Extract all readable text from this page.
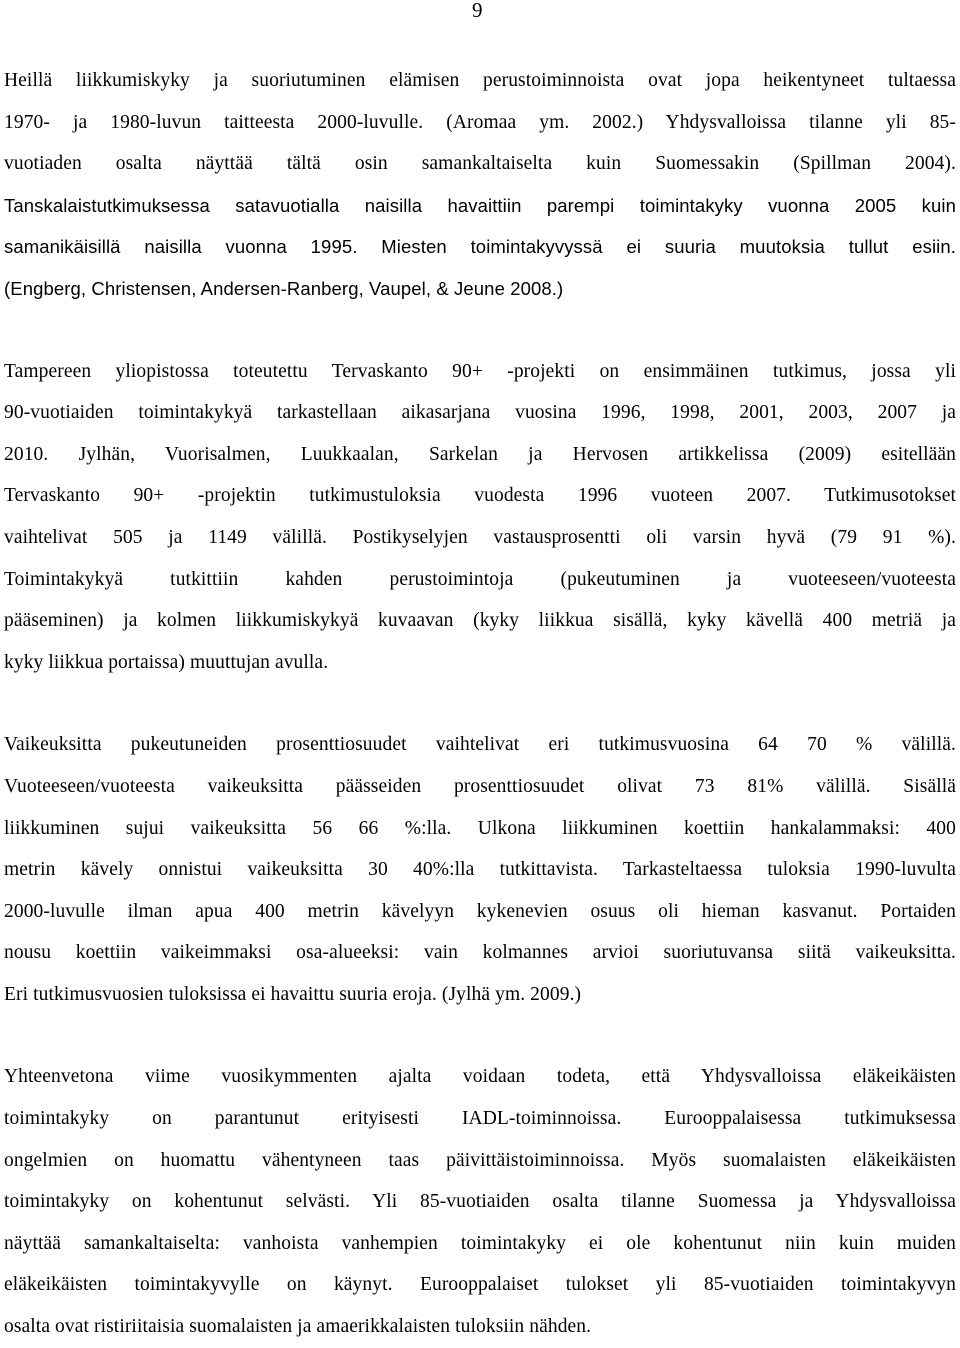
9

Heillä liikkumiskyky ja suoriutuminen elämisen perustoiminnoista ovat jopa heikentyneet tultaessa
1970- ja 1980-luvun taitteesta 2000-luvulle. (Aromaa ym. 2002.) Yhdysvalloissa tilanne yli 85-
vuotiaden osalta näyttää tältä osin samankaltaiselta kuin Suomessakin (Spillman 2004).
Tanskalaistutkimuksessa satavuotialla naisilla havaittiin parempi toimintakyky vuonna 2005 kuin
samanikäisillä naisilla vuonna 1995. Miesten toimintakyvyssä ei suuria muutoksia tullut esiin.
(Engberg, Christensen, Andersen-Ranberg, Vaupel, & Jeune 2008.)

Tampereen yliopistossa toteutettu Tervaskanto 90+ -projekti on ensimmäinen tutkimus, jossa yli
90-vuotiaiden toimintakykyä tarkastellaan aikasarjana vuosina 1996, 1998, 2001, 2003, 2007 ja
2010. Jylhän, Vuorisalmen, Luukkaalan, Sarkelan ja Hervosen artikkelissa (2009) esitellään
Tervaskanto 90+ -projektin tutkimustuloksia vuodesta 1996 vuoteen 2007. Tutkimusotokset
vaihtelivat 505 ja 1149 välillä. Postikyselyjen vastausprosentti oli varsin hyvä (79 91 %).
Toimintakykyä tutkittiin kahden perustoimintoja (pukeutuminen ja vuoteeseen/vuoteesta
pääseminen) ja kolmen liikkumiskykyä kuvaavan (kyky liikkua sisällä, kyky kävellä 400 metriä ja
kyky liikkua portaissa) muuttujan avulla.

Vaikeuksitta pukeutuneiden prosenttiosuudet vaihtelivat eri tutkimusvuosina 64 70 % välillä.
Vuoteeseen/vuoteesta vaikeuksitta päässeiden prosenttiosuudet olivat 73 81% välillä. Sisällä
liikkuminen sujui vaikeuksitta 56 66 %:lla. Ulkona liikkuminen koettiin hankalammaksi: 400
metrin kävely onnistui vaikeuksitta 30 40%:lla tutkittavista. Tarkasteltaessa tuloksia 1990-luvulta
2000-luvulle ilman apua 400 metrin kävelyyn kykenevien osuus oli hieman kasvanut. Portaiden
nousu koettiin vaikeimmaksi osa-alueeksi: vain kolmannes arvioi suoriutuvansa siitä vaikeuksitta.
Eri tutkimusvuosien tuloksissa ei havaittu suuria eroja. (Jylhä ym. 2009.)

Yhteenvetona viime vuosikymmenten ajalta voidaan todeta, että Yhdysvalloissa eläkeikäisten
toimintakyky on parantunut erityisesti IADL-toiminnoissa. Eurooppalaisessa tutkimuksessa
ongelmien on huomattu vähentyneen taas päivittäistoiminnoissa. Myös suomalaisten eläkeikäisten
toimintakyky on kohentunut selvästi. Yli 85-vuotiaiden osalta tilanne Suomessa ja Yhdysvalloissa
näyttää samankaltaiselta: vanhoista vanhempien toimintakyky ei ole kohentunut niin kuin muiden
eläkeikäisten toimintakyvylle on käynyt. Eurooppalaiset tulokset yli 85-vuotiaiden toimintakyvyn
osalta ovat ristiriitaisia suomalaisten ja amaerikkalaisten tuloksiin nähden.
